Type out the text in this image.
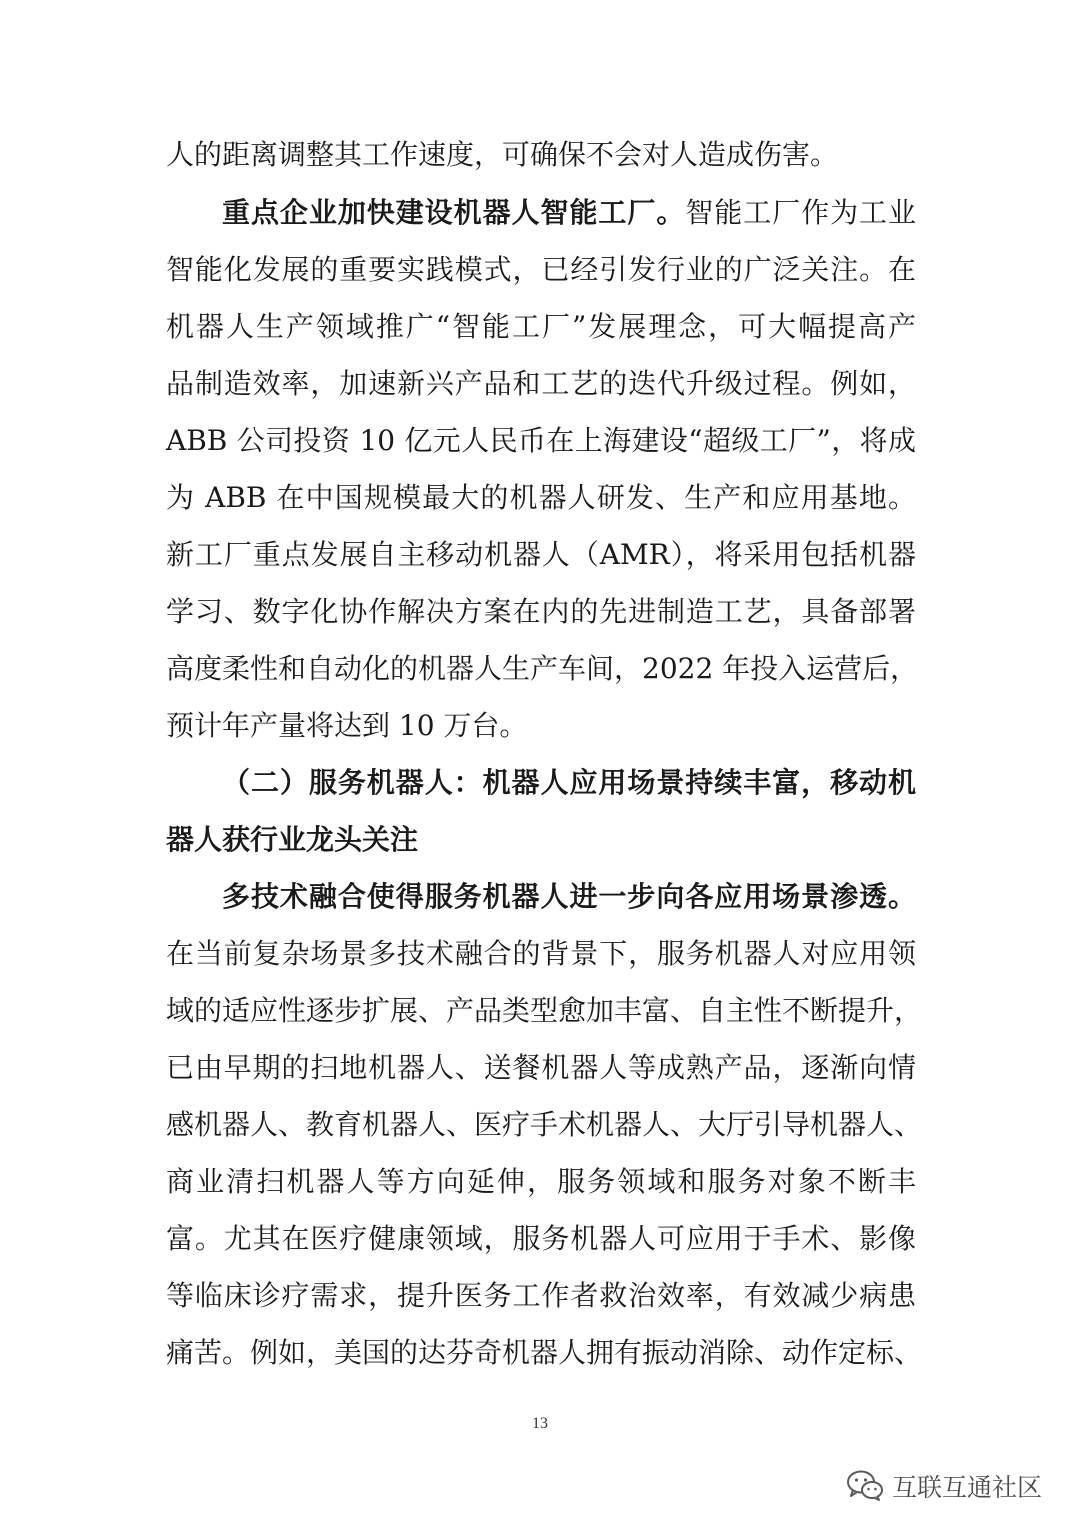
人的距离调整其工作速度，可确保不会对人造成伤害。
重点企业加快建设机器人智能工厂。智能工厂作为工业
智能化发展的重要实践模式，已经引发行业的广泛关注。在
机器人生产领域推广“智能工厂”发展理念，可大幅提高产
品制造效率，加速新兴产品和工艺的迭代升级过程。例如，
ABB 公司投资 10 亿元人民币在上海建设“超级工厂”，将成
为 ABB 在中国规模最大的机器人研发、生产和应用基地。
新工厂重点发展自主移动机器人（AMR），将采用包括机器
学习、数字化协作解决方案在内的先进制造工艺，具备部署
高度柔性和自动化的机器人生产车间，2022 年投入运营后，
预计年产量将达到 10 万台。
（二）服务机器人：机器人应用场景持续丰富，移动机
器人获行业龙头关注
多技术融合使得服务机器人进一步向各应用场景渗透。
在当前复杂场景多技术融合的背景下，服务机器人对应用领
域的适应性逐步扩展、产品类型愈加丰富、自主性不断提升，
已由早期的扫地机器人、送餐机器人等成熟产品，逐渐向情
感机器人、教育机器人、医疗手术机器人、大厅引导机器人、
商业清扫机器人等方向延伸，服务领域和服务对象不断丰
富。尤其在医疗健康领域，服务机器人可应用于手术、影像
等临床诊疗需求，提升医务工作者救治效率，有效减少病患
痛苦。例如，美国的达芬奇机器人拥有振动消除、动作定标、
13
互联互通社区
